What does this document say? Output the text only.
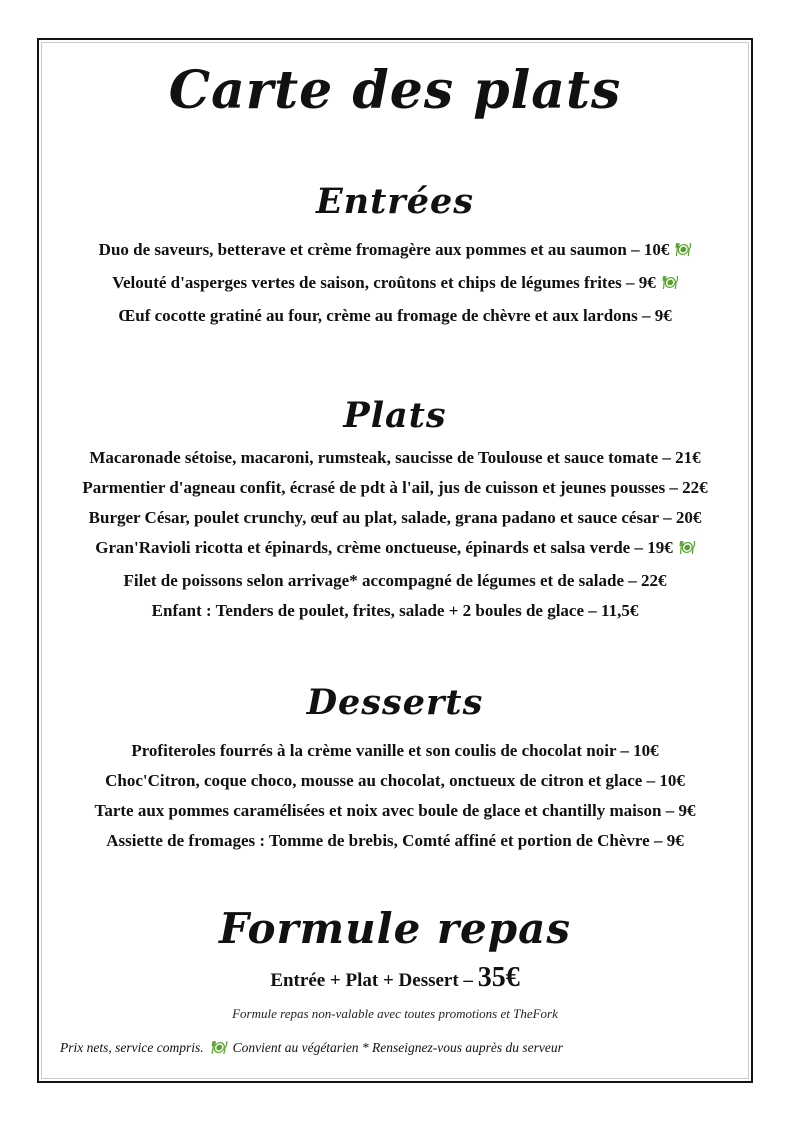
Carte des plats
Entrées
Duo de saveurs, betterave et crème fromagère aux pommes et au saumon – 10€
Velouté d'asperges vertes de saison, croûtons et chips de légumes frites – 9€
Œuf cocotte gratiné au four, crème au fromage de chèvre et aux lardons – 9€
Plats
Macaronade sétoise, macaroni, rumsteak, saucisse de Toulouse et sauce tomate – 21€
Parmentier d'agneau confit, écrasé de pdt à l'ail, jus de cuisson et jeunes pousses – 22€
Burger César, poulet crunchy, œuf au plat, salade, grana padano et sauce césar – 20€
Gran'Ravioli ricotta et épinards, crème onctueuse, épinards et salsa verde – 19€
Filet de poissons selon arrivage* accompagné de légumes et de salade – 22€
Enfant : Tenders de poulet, frites, salade + 2 boules de glace – 11,5€
Desserts
Profiteroles fourrés à la crème vanille et son coulis de chocolat noir – 10€
Choc'Citron, coque choco, mousse au chocolat, onctueux de citron et glace – 10€
Tarte aux pommes caramélisées et noix avec boule de glace et chantilly maison – 9€
Assiette de fromages : Tomme de brebis, Comté affiné et portion de Chèvre – 9€
Formule repas
Entrée + Plat + Dessert – 35€
Formule repas non-valable avec toutes promotions et TheFork
Prix nets, service compris. Convient au végétarien * Renseignez-vous auprès du serveur
